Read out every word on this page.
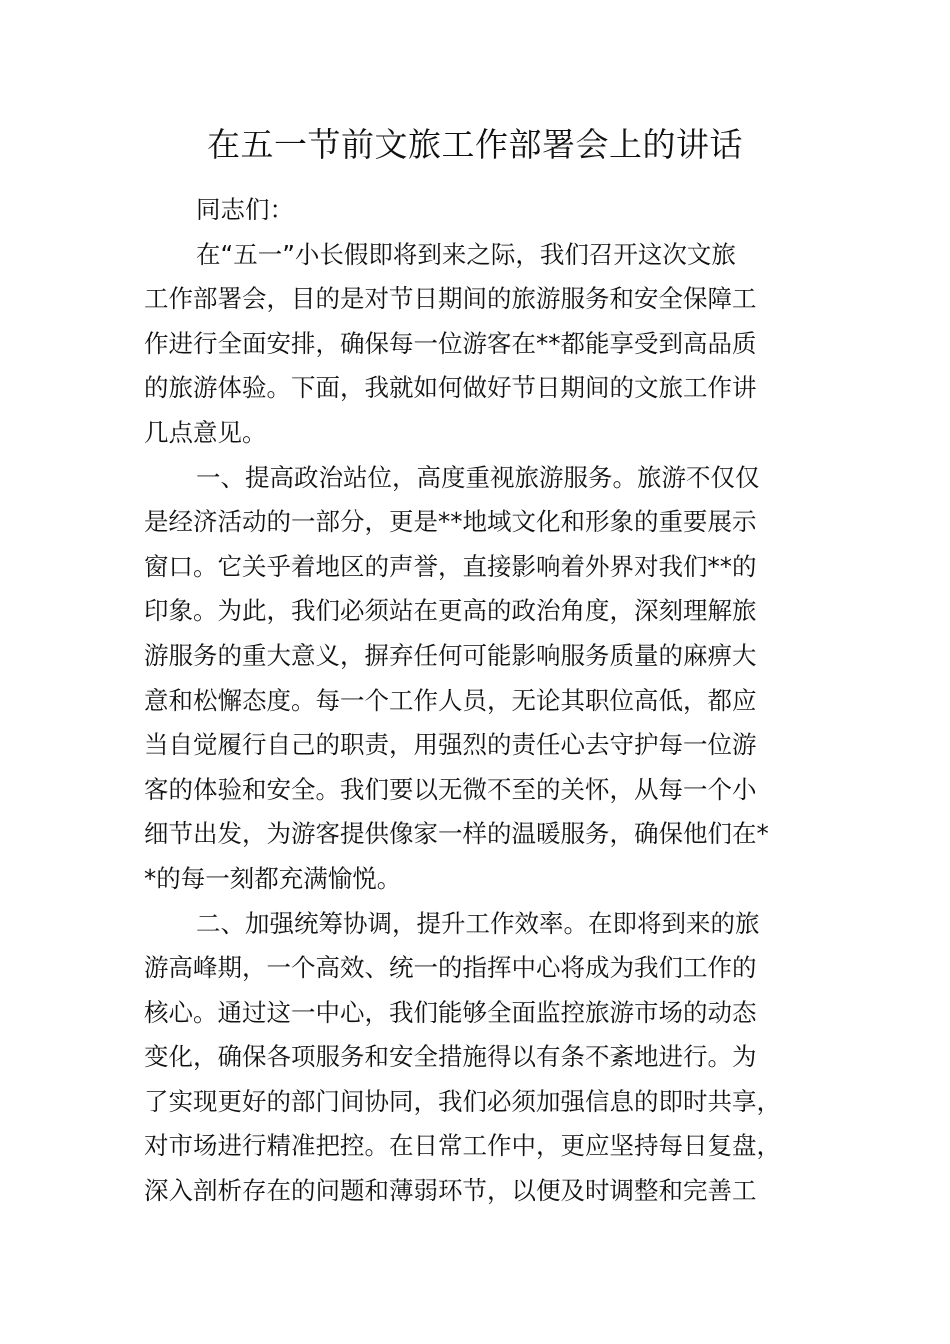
在五一节前文旅工作部署会上的讲话
同志们：
在“五一”小长假即将到来之际，我们召开这次文旅
工作部署会，目的是对节日期间的旅游服务和安全保障工
作进行全面安排，确保每一位游客在**都能享受到高品质
的旅游体验。下面，我就如何做好节日期间的文旅工作讲
几点意见。
一、提高政治站位，高度重视旅游服务。旅游不仅仅
是经济活动的一部分，更是**地域文化和形象的重要展示
窗口。它关乎着地区的声誉，直接影响着外界对我们**的
印象。为此，我们必须站在更高的政治角度，深刻理解旅
游服务的重大意义，摒弃任何可能影响服务质量的麻痹大
意和松懈态度。每一个工作人员，无论其职位高低，都应
当自觉履行自己的职责，用强烈的责任心去守护每一位游
客的体验和安全。我们要以无微不至的关怀，从每一个小
细节出发，为游客提供像家一样的温暖服务，确保他们在*
*的每一刻都充满愉悦。
二、加强统筹协调，提升工作效率。在即将到来的旅
游高峰期，一个高效、统一的指挥中心将成为我们工作的
核心。通过这一中心，我们能够全面监控旅游市场的动态
变化，确保各项服务和安全措施得以有条不紊地进行。为
了实现更好的部门间协同，我们必须加强信息的即时共享，
对市场进行精准把控。在日常工作中，更应坚持每日复盘，
深入剖析存在的问题和薄弱环节，以便及时调整和完善工
